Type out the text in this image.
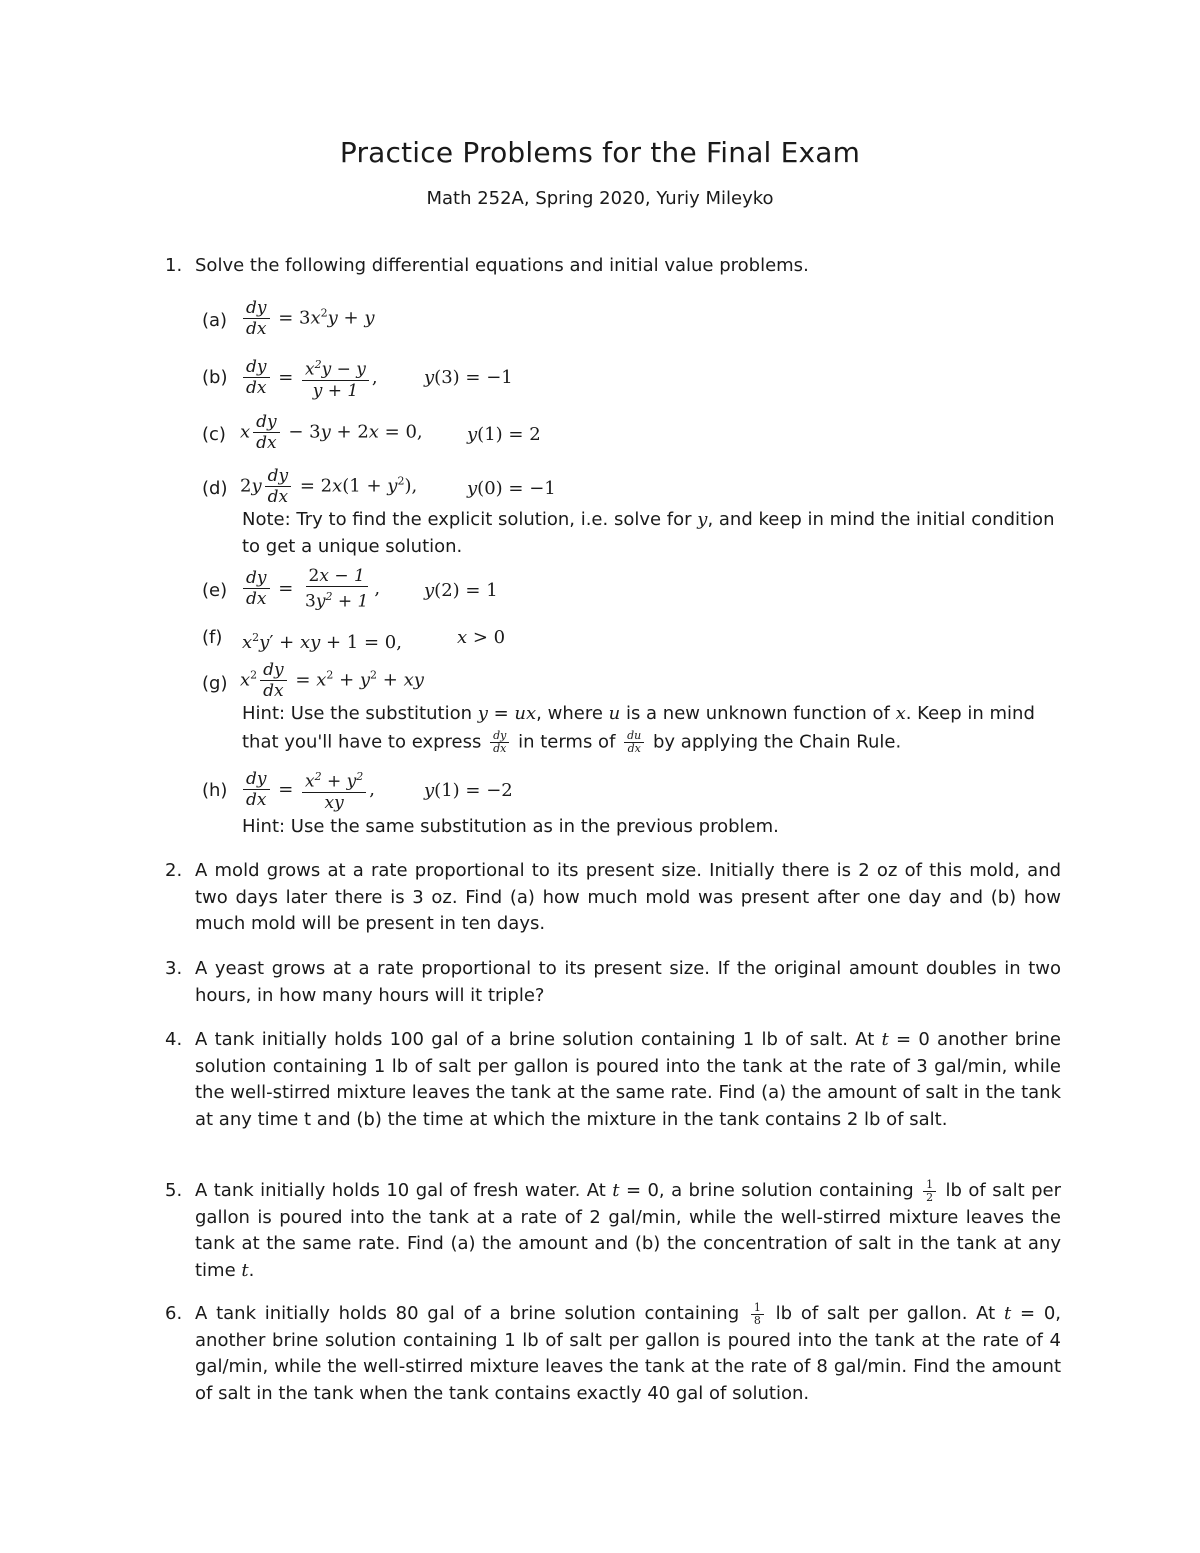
Practice Problems for the Final Exam
Math 252A, Spring 2020, Yuriy Mileyko
1. Solve the following differential equations and initial value problems.
$(a) \frac{dy}{dx} = 3x^2y + y$
$(b) \frac{dy}{dx} = \frac{x^2y - y}{y + 1}$ ,	y(3) = −1
(c) x $\frac{dy}{dx} - 3y + 2x = 0$, y(1) = 2
(d) $2y \frac{dy}{dx} = 2x(1 + y^2)$,	y(0) = −1
Note: Try to find the explicit solution, i.e. solve for y, and keep in mind the initial condition
to get a unique solution.
$(e) \frac{dy}{dx} = \frac{2x - 1}{3y^2 + 1}$ , y(2) = 1
(f) $x^2y'$ + xy + 1 = 0,	x > 0
(g) $x^2 \frac{dy}{dx} = x^2 + y^2$ + xy
Hint: Use the substitution y = ux, where u is a new unknown function of x. Keep in mind
that you'll have to express $\frac{dy}{dx}$ in terms of $\frac{du}{dx}$ by applying the Chain Rule.
$(h) \frac{dy}{dx} = \frac{x^2 + y^2}{xy}$ ,	y(1) = −2
Hint: Use the same substitution as in the previous problem.
2. A mold grows at a rate proportional to its present size. Initially there is 2 oz of this mold, and two days later there is 3 oz. Find (a) how much mold was present after one day and (b) how much mold will be present in ten days.
3. A yeast grows at a rate proportional to its present size. If the original amount doubles in two hours, in how many hours will it triple?
4. A tank initially holds 100 gal of a brine solution containing 1 lb of salt. At t = 0 another brine solution containing 1 lb of salt per gallon is poured into the tank at the rate of 3 gal/min, while the well-stirred mixture leaves the tank at the same rate. Find (a) the amount of salt in the tank at any time t and (b) the time at which the mixture in the tank contains 2 lb of salt.
5. A tank initially holds 10 gal of fresh water. At t = 0, a brine solution containing $\frac{1}{2}$ lb of salt per gallon is poured into the tank at a rate of 2 gal/min, while the well-stirred mixture leaves the tank at the same rate. Find (a) the amount and (b) the concentration of salt in the tank at any time t.
6. A tank initially holds 80 gal of a brine solution containing $\frac{1}{8}$ lb of salt per gallon. At t = 0, another brine solution containing 1 lb of salt per gallon is poured into the tank at the rate of 4 gal/min, while the well-stirred mixture leaves the tank at the rate of 8 gal/min. Find the amount of salt in the tank when the tank contains exactly 40 gal of solution.
